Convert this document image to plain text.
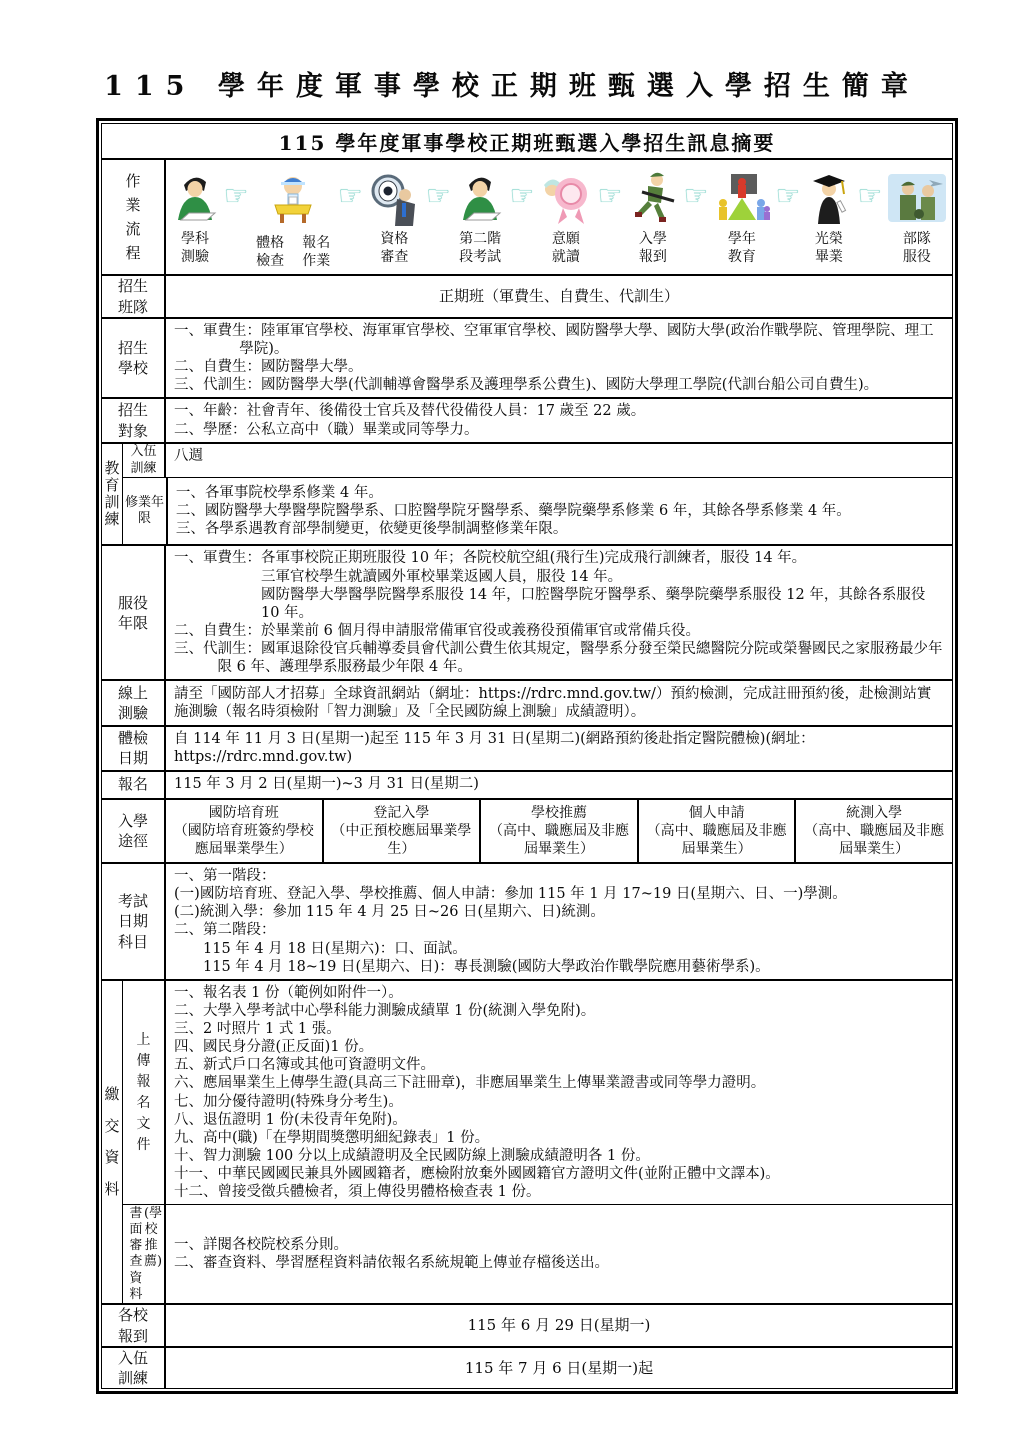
115 學年度軍事學校正期班甄選入學招生簡章
115 學年度軍事學校正期班甄選入學招生訊息摘要
作業流程
學科測驗
☞
體格檢查
報名作業
☞
資格審查
☞
第二階段考試
☞
意願就讀
☞
入學報到
☞
學年教育
☞
光榮畢業
☞
部隊服役
招生班隊
正期班（軍費生、自費生、代訓生）
招生學校
一、軍費生：陸軍軍官學校、海軍軍官學校、空軍軍官學校、國防醫學大學、國防大學(政治作戰學院、管理學院、理工學院)。
二、自費生：國防醫學大學。
三、代訓生：國防醫學大學(代訓輔導會醫學系及護理學系公費生)、國防大學理工學院(代訓台船公司自費生)。
招生對象
一、年齡：社會青年、後備役士官兵及替代役備役人員：17 歲至 22 歲。
二、學歷：公私立高中（職）畢業或同等學力。
教育訓練
入伍訓練
八週
修業年限
一、各軍事院校學系修業 4 年。
二、國防醫學大學醫學院醫學系、口腔醫學院牙醫學系、藥學院藥學系修業 6 年，其餘各學系修業 4 年。
三、各學系遇教育部學制變更，依變更後學制調整修業年限。
服役年限
一、軍費生：各軍事校院正期班服役 10 年；各院校航空組(飛行生)完成飛行訓練者，服役 14 年。
三軍官校學生就讀國外軍校畢業返國人員，服役 14 年。
國防醫學大學醫學院醫學系服役 14 年，口腔醫學院牙醫學系、藥學院藥學系服役 12 年，其餘各系服役 10 年。
二、自費生：於畢業前 6 個月得申請服常備軍官役或義務役預備軍官或常備兵役。
三、代訓生：國軍退除役官兵輔導委員會代訓公費生依其規定，醫學系分發至榮民總醫院分院或榮譽國民之家服務最少年限 6 年、護理學系服務最少年限 4 年。
線上測驗
請至「國防部人才招募」全球資訊網站（網址：https://rdrc.mnd.gov.tw/）預約檢測，完成註冊預約後，赴檢測站實施測驗（報名時須檢附「智力測驗」及「全民國防線上測驗」成績證明）。
體檢日期
自 114 年 11 月 3 日(星期一)起至 115 年 3 月 31 日(星期二)(網路預約後赴指定醫院體檢)(網址：https://rdrc.mnd.gov.tw)
報名	115 年 3 月 2 日(星期一)~3 月 31 日(星期二)
入學途徑
國防培育班
（國防培育班簽約學校應屆畢業學生）
登記入學
（中正預校應屆畢業學生）
學校推薦
（高中、職應屆及非應屆畢業生）
個人申請
（高中、職應屆及非應屆畢業生）
統測入學
（高中、職應屆及非應屆畢業生）
考試日期科目
一、第一階段：
(一)國防培育班、登記入學、學校推薦、個人申請：參加 115 年 1 月 17~19 日(星期六、日、一)學測。
(二)統測入學：參加 115 年 4 月 25 日~26 日(星期六、日)統測。
二、第二階段：
115 年 4 月 18 日(星期六)：口、面試。
115 年 4 月 18~19 日(星期六、日)：專長測驗(國防大學政治作戰學院應用藝術學系)。
繳交資料
上傳報名文件
一、報名表 1 份（範例如附件一）。
二、大學入學考試中心學科能力測驗成績單 1 份(統測入學免附)。
三、2 吋照片 1 式 1 張。
四、國民身分證(正反面)1 份。
五、新式戶口名簿或其他可資證明文件。
六、應屆畢業生上傳學生證(具高三下註冊章)，非應屆畢業生上傳畢業證書或同等學力證明。
七、加分優待證明(特殊身分考生)。
八、退伍證明 1 份(未役青年免附)。
九、高中(職)「在學期間獎懲明細紀錄表」1 份。
十、智力測驗 100 分以上成績證明及全民國防線上測驗成績證明各 1 份。
十一、中華民國國民兼具外國國籍者，應檢附放棄外國國籍官方證明文件(並附正體中文譯本)。
十二、曾接受徵兵體檢者，須上傳役男體格檢查表 1 份。
書面審查資料
(學校推薦)
一、詳閱各校院校系分則。
二、審查資料、學習歷程資料請依報名系統規範上傳並存檔後送出。
各校報到
115 年 6 月 29 日(星期一)
入伍訓練
115 年 7 月 6 日(星期一)起
